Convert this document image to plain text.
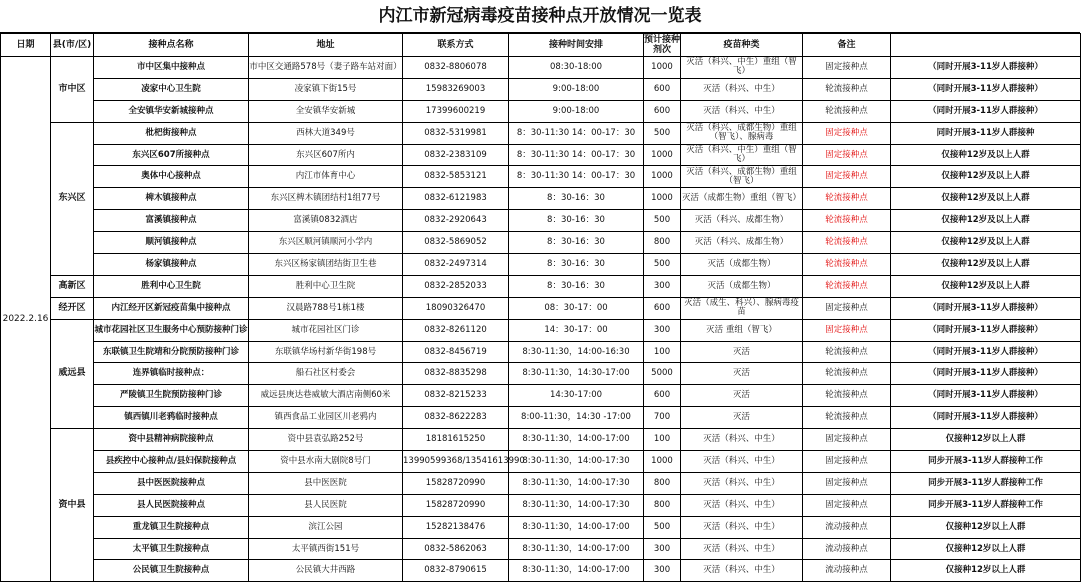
内江市新冠病毒疫苗接种点开放情况一览表
日期	县(市/区)	接种点名称	地址	联系方式	接种时间安排	预计接种剂次	疫苗种类	备注	
2022.2.16	市中区	市中区集中接种点	市中区交通路578号（妻子路车站对面）	0832-8806078	08:30-18:00	1000	灭活（科兴、中生）重组（智飞）	固定接种点	（同时开展3-11岁人群接种）
		凌家中心卫生院	凌家镇下街15号	15983269003	9:00-18:00	600	灭活（科兴、中生）	轮流接种点	（同时开展3-11岁人群接种）
		全安镇华安新城接种点	全安镇华安新城	17399600219	9:00-18:00	600	灭活（科兴、中生）	轮流接种点	（同时开展3-11岁人群接种）
	东兴区	枇杷街接种点	西林大道349号	0832-5319981	8：30-11:30 14：00-17：30	500	灭活（科兴、成都生物）重组（智飞）、腺病毒	固定接种点	同时开展3-11岁人群接种
		东兴区607所接种点	东兴区607所内	0832-2383109	8：30-11:30 14：00-17：30	1000	灭活（科兴、中生）重组（智飞）	固定接种点	仅接种12岁及以上人群
		奥体中心接种点	内江市体育中心	0832-5853121	8：30-11:30 14：00-17：30	1000	灭活（科兴、成都生物）重组（智飞）	固定接种点	仅接种12岁及以上人群
		椑木镇接种点	东兴区椑木镇团结村1组77号	0832-6121983	8：30-16：30	1000	灭活（成都生物）重组（智飞）	轮流接种点	仅接种12岁及以上人群
		富溪镇接种点	富溪镇0832酒店	0832-2920643	8：30-16：30	500	灭活（科兴、成都生物）	轮流接种点	仅接种12岁及以上人群
		顺河镇接种点	东兴区顺河镇顺河小学内	0832-5869052	8：30-16：30	800	灭活（科兴、成都生物）	轮流接种点	仅接种12岁及以上人群
		杨家镇接种点	东兴区杨家镇团结街卫生巷	0832-2497314	8：30-16：30	500	灭活（成都生物）	轮流接种点	仅接种12岁及以上人群
	高新区	胜利中心卫生院	胜利中心卫生院	0832-2852033	8：30-16：30	300	灭活（成都生物）	轮流接种点	仅接种12岁及以上人群
	经开区	内江经开区新冠疫苗集中接种点	汉晨路788号1栋1楼	18090326470	08：30-17：00	600	灭活（成生、科兴）、腺病毒疫苗	固定接种点	（同时开展3-11岁人群接种）
	威远县	城市花园社区卫生服务中心预防接种门诊	城市花园社区门诊	0832-8261120	14：30-17：00	300	灭活 重组（智飞）	固定接种点	（同时开展3-11岁人群接种）
		东联镇卫生院靖和分院预防接种门诊	东联镇华场村新华街198号	0832-8456719	8:30-11:30，14:00-16:30	100	灭活	轮流接种点	（同时开展3-11岁人群接种）
		连界镇临时接种点：	船石社区村委会	0832-8835298	8:30-11:30，14:30-17:00	5000	灭活	轮流接种点	（同时开展3-11岁人群接种）
		严陵镇卫生院预防接种门诊	威远县庚达巷威敏大酒店南侧60米	0832-8215233	14:30-17:00	600	灭活	轮流接种点	（同时开展3-11岁人群接种）
		镇西镇川老鸦临时接种点	镇西食品工业园区川老鸦内	0832-8622283	8:00-11:30，14:30 -17:00	700	灭活	轮流接种点	（同时开展3-11岁人群接种）
	资中县	资中县精神病院接种点	资中县袁弘路252号	18181615250	8:30-11:30，14:00-17:00	100	灭活（科兴、中生）	固定接种点	仅接种12岁以上人群
		县疾控中心接种点/县妇保院接种点	资中县水南大剧院8号门	13990599368/13541613990	8:30-11:30，14:00-17:30	1000	灭活（科兴、中生）	固定接种点	同步开展3-11岁人群接种工作
		县中医医院接种点	县中医医院	15828720990	8:30-11:30，14:00-17:30	800	灭活（科兴、中生）	固定接种点	同步开展3-11岁人群接种工作
		县人民医院接种点	县人民医院	15828720990	8:30-11:30，14:00-17:30	800	灭活（科兴、中生）	固定接种点	同步开展3-11岁人群接种工作
		重龙镇卫生院接种点	滨江公园	15282138476	8:30-11:30，14:00-17:00	500	灭活（科兴、中生）	流动接种点	仅接种12岁以上人群
		太平镇卫生院接种点	太平镇西街151号	0832-5862063	8:30-11:30，14:00-17:00	300	灭活（科兴、中生）	流动接种点	仅接种12岁以上人群
		公民镇卫生院接种点	公民镇大井西路	0832-8790615	8:30-11:30，14:00-17:00	300	灭活（科兴、中生）	流动接种点	仅接种12岁以上人群
